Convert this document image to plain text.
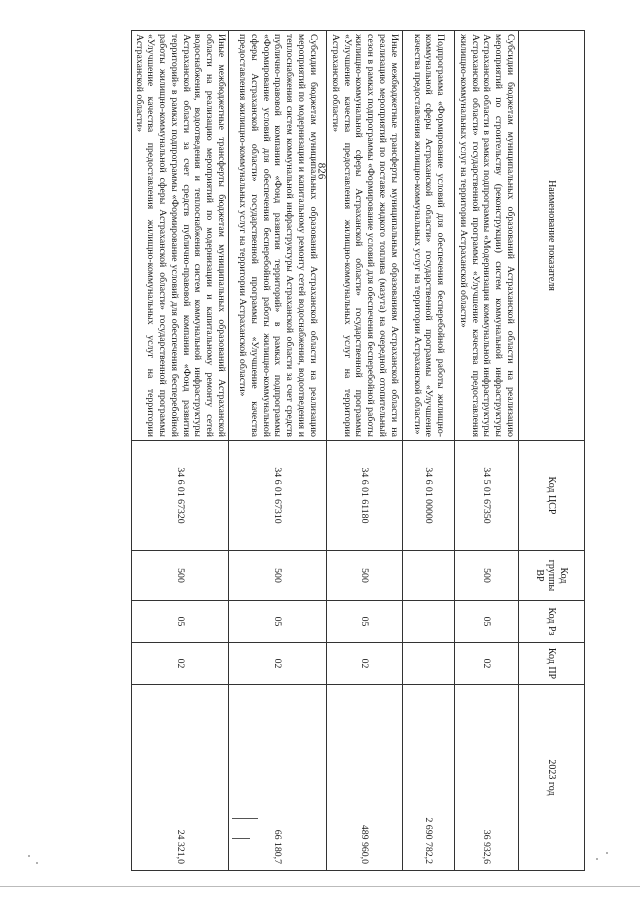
826
Наименование показателя	Код ЦСР	Код группы ВР	Код Рз	Код ПР	2023 год
Субсидии бюджетам муниципальных образований Астраханской области на реализацию мероприятий по строительству (реконструкции) систем коммунальной инфраструктуры Астраханской области в рамках подпрограммы «Модернизация коммунальной инфраструктуры Астраханской области» государственной программы «Улучшение качества предоставления жилищно-коммунальных услуг на территории Астраханской области»	34 5 01 67350	500	05	02	36 932,6
Подпрограмма «Формирование условий для обеспечения бесперебойной работы жилищно-коммунальной сферы Астраханской области» государственной программы «Улучшение качества предоставления жилищно-коммунальных услуг на территории Астраханской области»	34 6 01 00000				2 690 782,2
Иные межбюджетные трансферты муниципальным образованиям Астраханской области на реализацию мероприятий по поставке жидкого топлива (мазута) на очередной отопительный сезон в рамках подпрограммы «Формирование условий для обеспечения бесперебойной работы жилищно-коммунальной сферы Астраханской области» государственной программы «Улучшение качества предоставления жилищно-коммунальных услуг на территории Астраханской области»	34 6 01 61180	500	05	02	489 960,0
Субсидии бюджетам муниципальных образований Астраханской области на реализацию мероприятий по модернизации и капитальному ремонту сетей водоснабжения, водоотведения и теплоснабжения систем коммунальной инфраструктуры Астраханской области за счет средств публично-правовой компании «Фонд развития территорий» в рамках подпрограммы «Формирование условий для обеспечения бесперебойной работы жилищно-коммунальной сферы Астраханской области» государственной программы «Улучшение качества предоставления жилищно-коммунальных услуг на территории Астраханской области»	34 6 01 67310	500	05	02	66 180,7
Иные межбюджетные трансферты бюджетам муниципальных образований Астраханской области на реализацию мероприятий по модернизации и капитальному ремонту сетей водоснабжения, водоотведения и теплоснабжения систем коммунальной инфраструктуры Астраханской области за счет средств публично-правовой компании «Фонд развития территорий» в рамках подпрограммы «Формирование условий для обеспечения бесперебойной работы жилищно-коммунальной сферы Астраханской области» государственной программы «Улучшение качества предоставления жилищно-коммунальных услуг на территории Астраханской области»	34 6 01 67320	500	05	02	24 321,0
